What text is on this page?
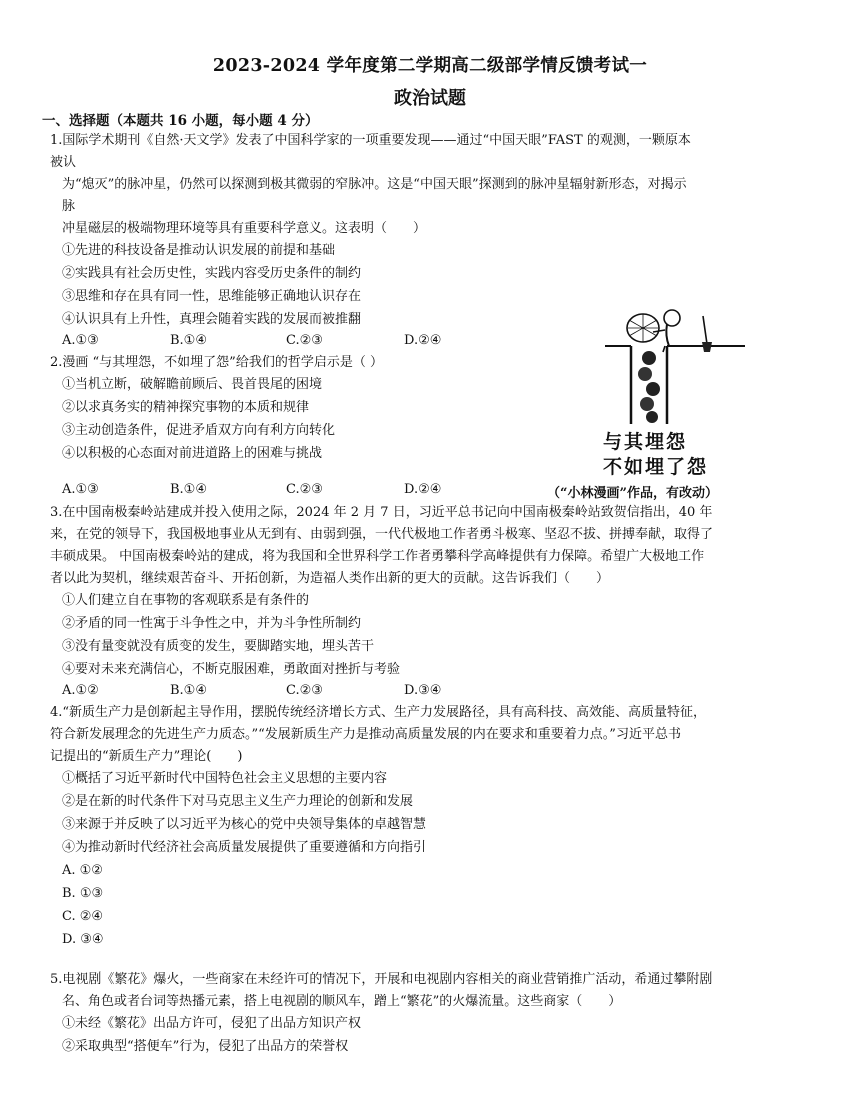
2023-2024 学年度第二学期高二级部学情反馈考试一
政治试题
一、选择题（本题共 16 小题，每小题 4 分）
1.国际学术期刊《自然·天文学》发表了中国科学家的一项重要发现——通过“中国天眼”FAST 的观测，一颗原本
被认
为“熄灭”的脉冲星，仍然可以探测到极其微弱的窄脉冲。这是“中国天眼”探测到的脉冲星辐射新形态，对揭示
脉
冲星磁层的极端物理环境等具有重要科学意义。这表明（　　）
①先进的科技设备是推动认识发展的前提和基础
②实践具有社会历史性，实践内容受历史条件的制约
③思维和存在具有同一性，思维能够正确地认识存在
④认识具有上升性，真理会随着实践的发展而被推翻
A.①③	B.①④	C.②③	D.②④
2.漫画 “与其埋怨，不如埋了怨”给我们的哲学启示是（ ）
①当机立断，破解瞻前顾后、畏首畏尾的困境
②以求真务实的精神探究事物的本质和规律
③主动创造条件，促进矛盾双方向有利方向转化
④以积极的心态面对前进道路上的困难与挑战
A.①③	B.①④	C.②③	D.②④
与其埋怨
不如埋了怨
（“小林漫画”作品，有改动）
3.在中国南极秦岭站建成并投入使用之际，2024 年 2 月 7 日，习近平总书记向中国南极秦岭站致贺信指出，40 年
来，在党的领导下，我国极地事业从无到有、由弱到强，一代代极地工作者勇斗极寒、坚忍不拔、拼搏奉献，取得了
丰硕成果。 中国南极秦岭站的建成，将为我国和全世界科学工作者勇攀科学高峰提供有力保障。希望广大极地工作
者以此为契机，继续艰苦奋斗、开拓创新，为造福人类作出新的更大的贡献。这告诉我们（　　）
①人们建立自在事物的客观联系是有条件的
②矛盾的同一性寓于斗争性之中，并为斗争性所制约
③没有量变就没有质变的发生，要脚踏实地，埋头苦干
④要对未来充满信心，不断克服困难，勇敢面对挫折与考验
A.①②	B.①④	C.②③	D.③④
4.“新质生产力是创新起主导作用，摆脱传统经济增长方式、生产力发展路径，具有高科技、高效能、高质量特征，
符合新发展理念的先进生产力质态。”“发展新质生产力是推动高质量发展的内在要求和重要着力点。”习近平总书
记提出的“新质生产力”理论(　　)
①概括了习近平新时代中国特色社会主义思想的主要内容
②是在新的时代条件下对马克思主义生产力理论的创新和发展
③来源于并反映了以习近平为核心的党中央领导集体的卓越智慧
④为推动新时代经济社会高质量发展提供了重要遵循和方向指引
A. ①②
B. ①③
C. ②④
D. ③④
5.电视剧《繁花》爆火，一些商家在未经许可的情况下，开展和电视剧内容相关的商业营销推广活动，希通过攀附剧
名、角色或者台词等热播元素，搭上电视剧的顺风车，蹭上“繁花”的火爆流量。这些商家（　　）
①未经《繁花》出品方许可，侵犯了出品方知识产权
②采取典型“搭便车”行为，侵犯了出品方的荣誉权
